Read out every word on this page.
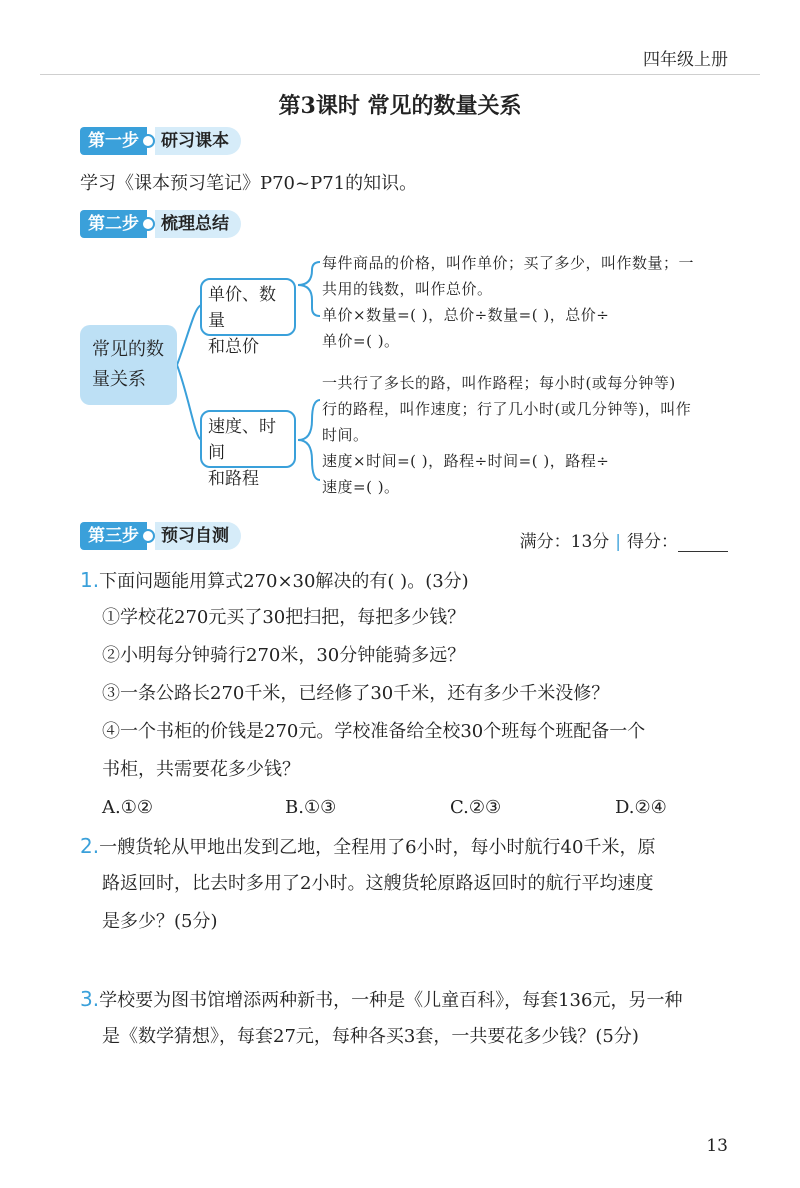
四年级上册
第3课时 常见的数量关系
第一步	研习课本
学习《课本预习笔记》P70~P71的知识。
第二步	梳理总结
常见的数
量关系
单价、数量
和总价
速度、时间
和路程
每件商品的价格，叫作单价；买了多少，叫作数量；一
共用的钱数，叫作总价。
单价×数量=( )，总价÷数量=( )，总价÷
单价=( )。
一共行了多长的路，叫作路程；每小时(或每分钟等)
行的路程，叫作速度；行了几小时(或几分钟等)，叫作
时间。
速度×时间=( )，路程÷时间=( )，路程÷
速度=( )。
第三步	预习自测	满分：13分 | 得分：
1.下面问题能用算式270×30解决的有( )。(3分)
①学校花270元买了30把扫把，每把多少钱？
②小明每分钟骑行270米，30分钟能骑多远？
③一条公路长270千米，已经修了30千米，还有多少千米没修？
④一个书柜的价钱是270元。学校准备给全校30个班每个班配备一个
书柜，共需要花多少钱？
A.①②	B.①③	C.②③	D.②④
2.一艘货轮从甲地出发到乙地，全程用了6小时，每小时航行40千米，原
路返回时，比去时多用了2小时。这艘货轮原路返回时的航行平均速度
是多少？(5分)
3.学校要为图书馆增添两种新书，一种是《儿童百科》，每套136元，另一种
是《数学猜想》，每套27元，每种各买3套，一共要花多少钱？(5分)
13
